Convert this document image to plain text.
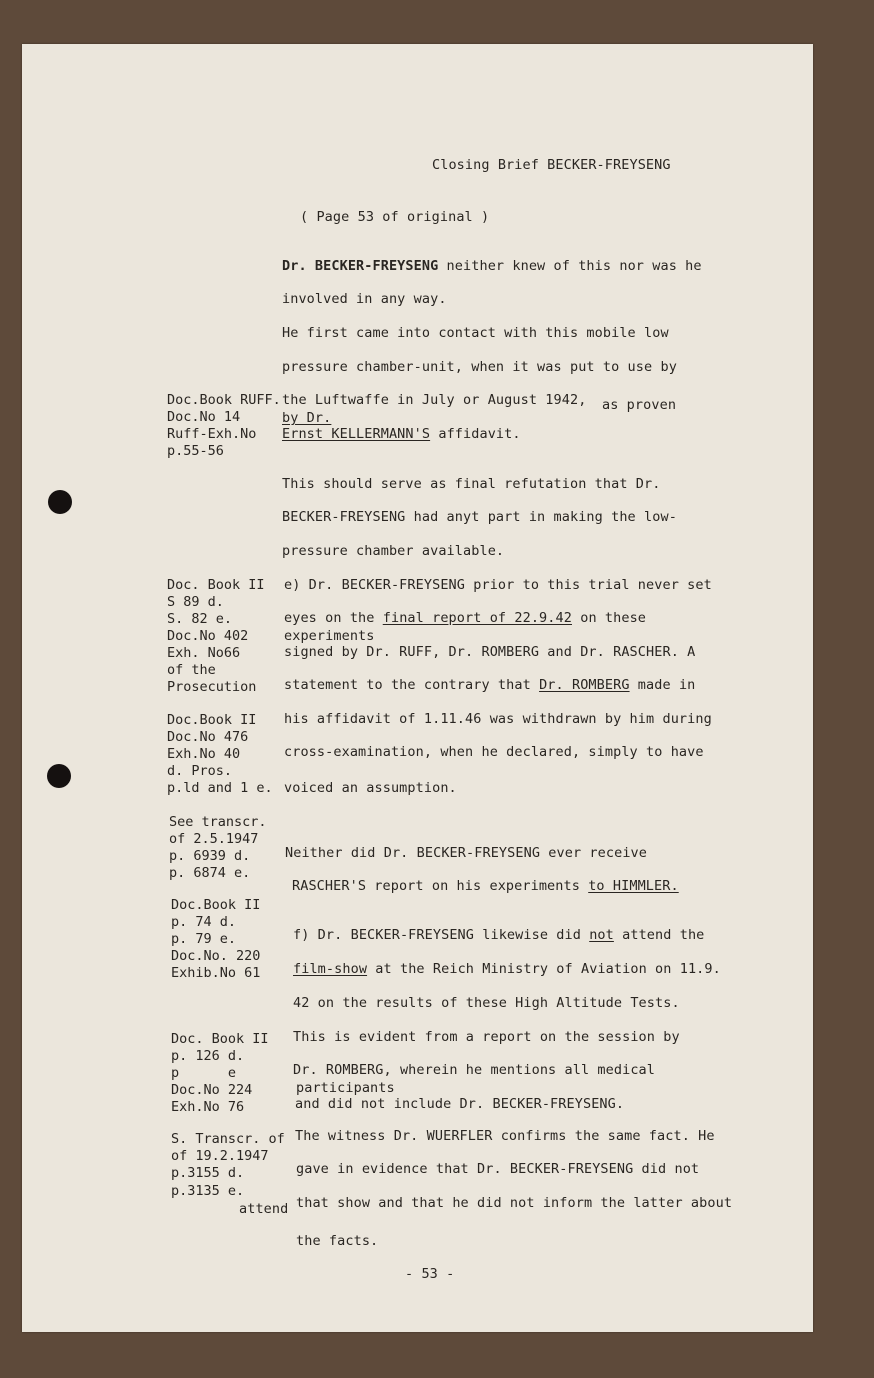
Closing Brief BECKER-FREYSENG
( Page 53 of original )
Dr. BECKER-FREYSENG neither knew of this nor was he
involved in any way.
He first came into contact with this mobile low
pressure chamber-unit, when it was put to use by
the Luftwaffe in July or August 1942, as proven
by Dr.
Ernst KELLERMANN'S affidavit.
This should serve as final refutation that Dr.
BECKER-FREYSENG had anyt part in making the low-
pressure chamber available.
e) Dr. BECKER-FREYSENG prior to this trial never set
eyes on the final report of 22.9.42 on these
experiments
signed by Dr. RUFF, Dr. ROMBERG and Dr. RASCHER. A
statement to the contrary that Dr. ROMBERG made in
his affidavit of 1.11.46 was withdrawn by him during
cross-examination, when he declared, simply to have
voiced an assumption.
Neither did Dr. BECKER-FREYSENG ever receive
RASCHER'S report on his experiments to HIMMLER.
f) Dr. BECKER-FREYSENG likewise did not attend the
film-show at the Reich Ministry of Aviation on 11.9.
42 on the results of these High Altitude Tests.
This is evident from a report on the session by
Dr. ROMBERG, wherein he mentions all medical
participants
and did not include Dr. BECKER-FREYSENG.
The witness Dr. WUERFLER confirms the same fact. He
gave in evidence that Dr. BECKER-FREYSENG did not
attend that show and that he did not inform the latter about
the facts.
- 53 -
Doc.Book RUFF.
Doc.No 14
Ruff-Exh.No
p.55-56
Doc. Book II
S 89 d.
S. 82 e.
Doc.No 402
Exh. No66
of the
Prosecution
Doc.Book II
Doc.No 476
Exh.No 40
d. Pros.
p.ld and 1 e.
See transcr.
of 2.5.1947
p. 6939 d.
p. 6874 e.
Doc.Book II
p. 74 d.
p. 79 e.
Doc.No. 220
Exhib.No 61
Doc. Book II
p. 126 d.
p      e
Doc.No 224
Exh.No 76
S. Transcr. of
of 19.2.1947
p.3155 d.
p.3135 e.
